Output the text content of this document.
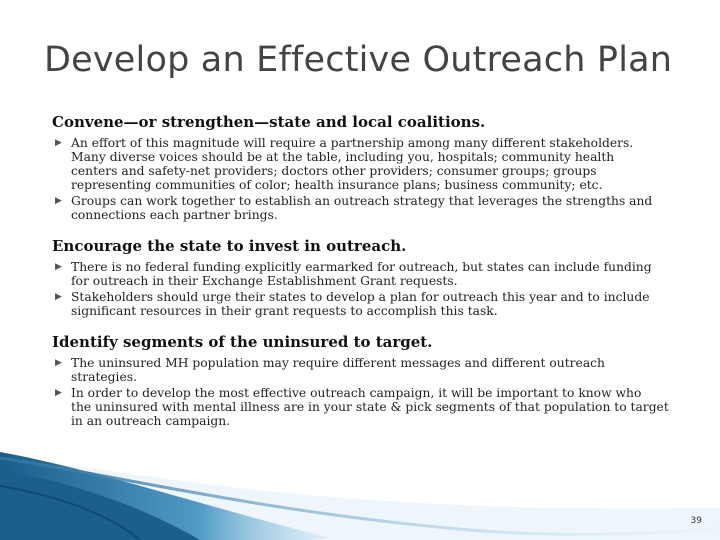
Develop an Effective Outreach Plan
Convene—or strengthen—state and local coalitions.
▶ An effort of this magnitude will require a partnership among many different stakeholders.
Many diverse voices should be at the table, including you, hospitals; community health
centers and safety-net providers; doctors other providers; consumer groups; groups
representing communities of color; health insurance plans; business community; etc.
▶ Groups can work together to establish an outreach strategy that leverages the strengths and
connections each partner brings.
Encourage the state to invest in outreach.
▶ There is no federal funding explicitly earmarked for outreach, but states can include funding
for outreach in their Exchange Establishment Grant requests.
▶ Stakeholders should urge their states to develop a plan for outreach this year and to include
significant resources in their grant requests to accomplish this task.
Identify segments of the uninsured to target.
▶ The uninsured MH population may require different messages and different outreach
strategies.
▶ In order to develop the most effective outreach campaign, it will be important to know who
the uninsured with mental illness are in your state & pick segments of that population to target
in an outreach campaign.
39
